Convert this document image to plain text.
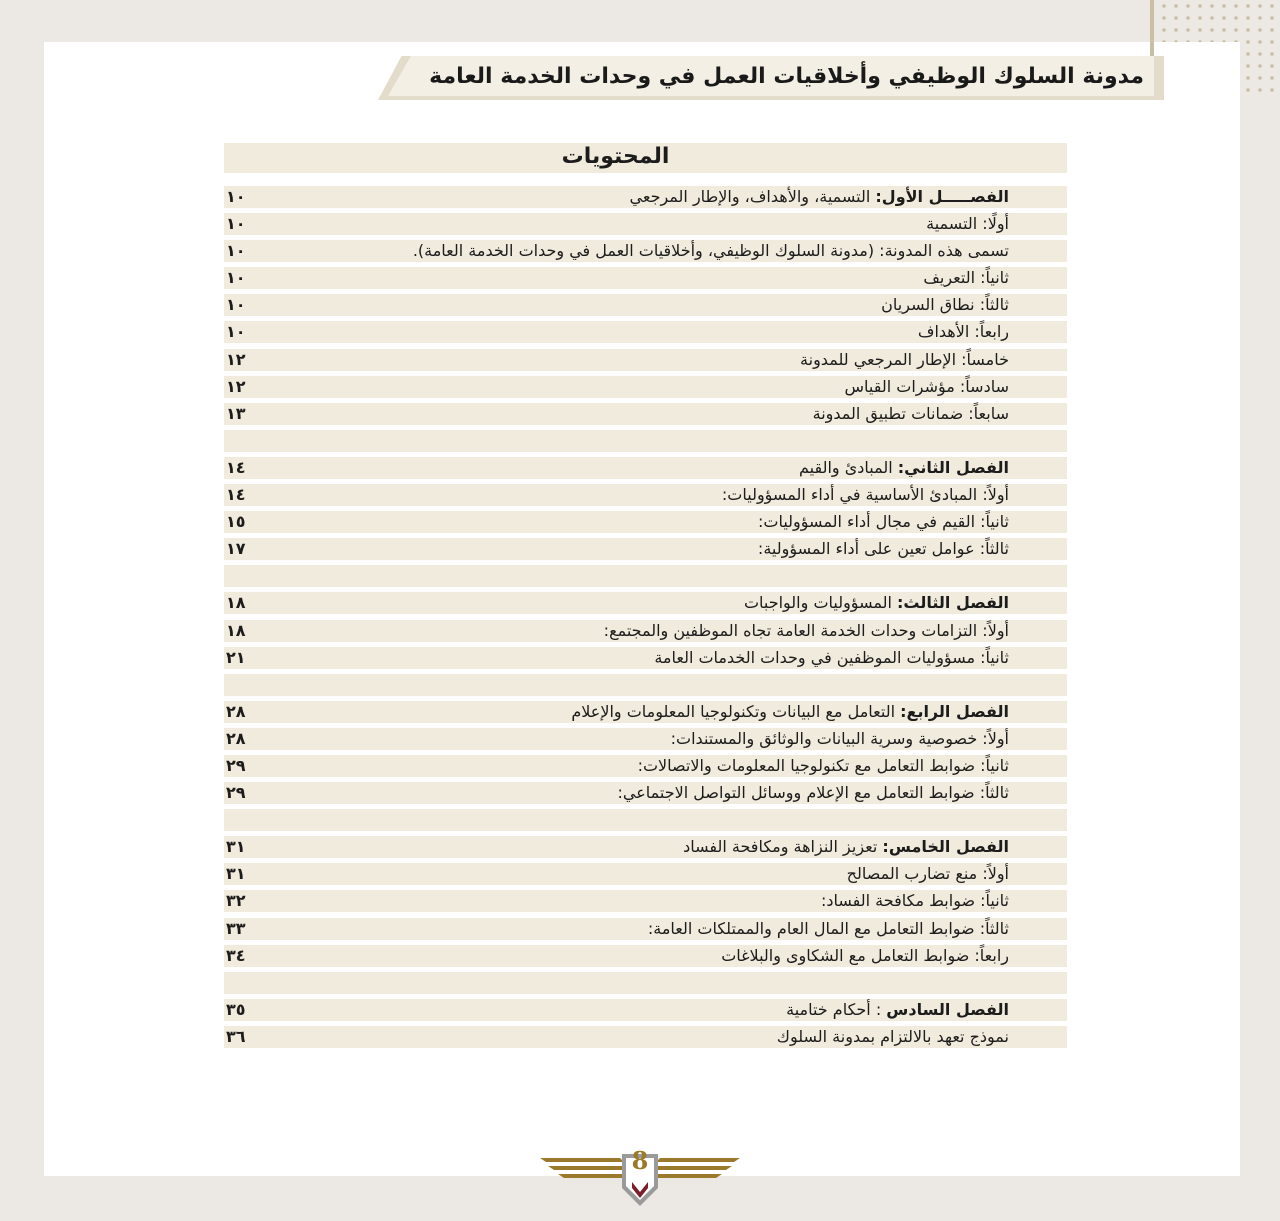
مدونة السلوك الوظيفي وأخلاقيات العمل في وحدات الخدمة العامة
المحتويات
الفصـــــل الأول: التسمية، والأهداف، والإطار المرجعي
١٠
أولًا: التسمية
١٠
تسمى هذه المدونة: (مدونة السلوك الوظيفي، وأخلاقيات العمل في وحدات الخدمة العامة).
١٠
ثانياً: التعريف
١٠
ثالثاً: نطاق السريان
١٠
رابعاً: الأهداف
١٠
خامساً: الإطار المرجعي للمدونة
١٢
سادساً: مؤشرات القياس
١٢
سابعاً: ضمانات تطبيق المدونة
١٣
الفصل الثاني: المبادئ والقيم
١٤
أولاً: المبادئ الأساسية في أداء المسؤوليات:
١٤
ثانياً: القيم في مجال أداء المسؤوليات:
١٥
ثالثاً: عوامل تعين على أداء المسؤولية:
١٧
الفصل الثالث: المسؤوليات والواجبات
١٨
أولاً: التزامات وحدات الخدمة العامة تجاه الموظفين والمجتمع:
١٨
ثانياً: مسؤوليات الموظفين في وحدات الخدمات العامة
٢١
الفصل الرابع: التعامل مع البيانات وتكنولوجيا المعلومات والإعلام
٢٨
أولاً: خصوصية وسرية البيانات والوثائق والمستندات:
٢٨
ثانياً: ضوابط التعامل مع تكنولوجيا المعلومات والاتصالات:
٢٩
ثالثاً: ضوابط التعامل مع الإعلام ووسائل التواصل الاجتماعي:
٢٩
الفصل الخامس: تعزيز النزاهة ومكافحة الفساد
٣١
أولاً: منع تضارب المصالح
٣١
ثانياً: ضوابط مكافحة الفساد:
٣٢
ثالثاً: ضوابط التعامل مع المال العام والممتلكات العامة:
٣٣
رابعاً: ضوابط التعامل مع الشكاوى والبلاغات
٣٤
الفصل السادس : أحكام ختامية
٣٥
نموذج تعهد بالالتزام بمدونة السلوك
٣٦
8
